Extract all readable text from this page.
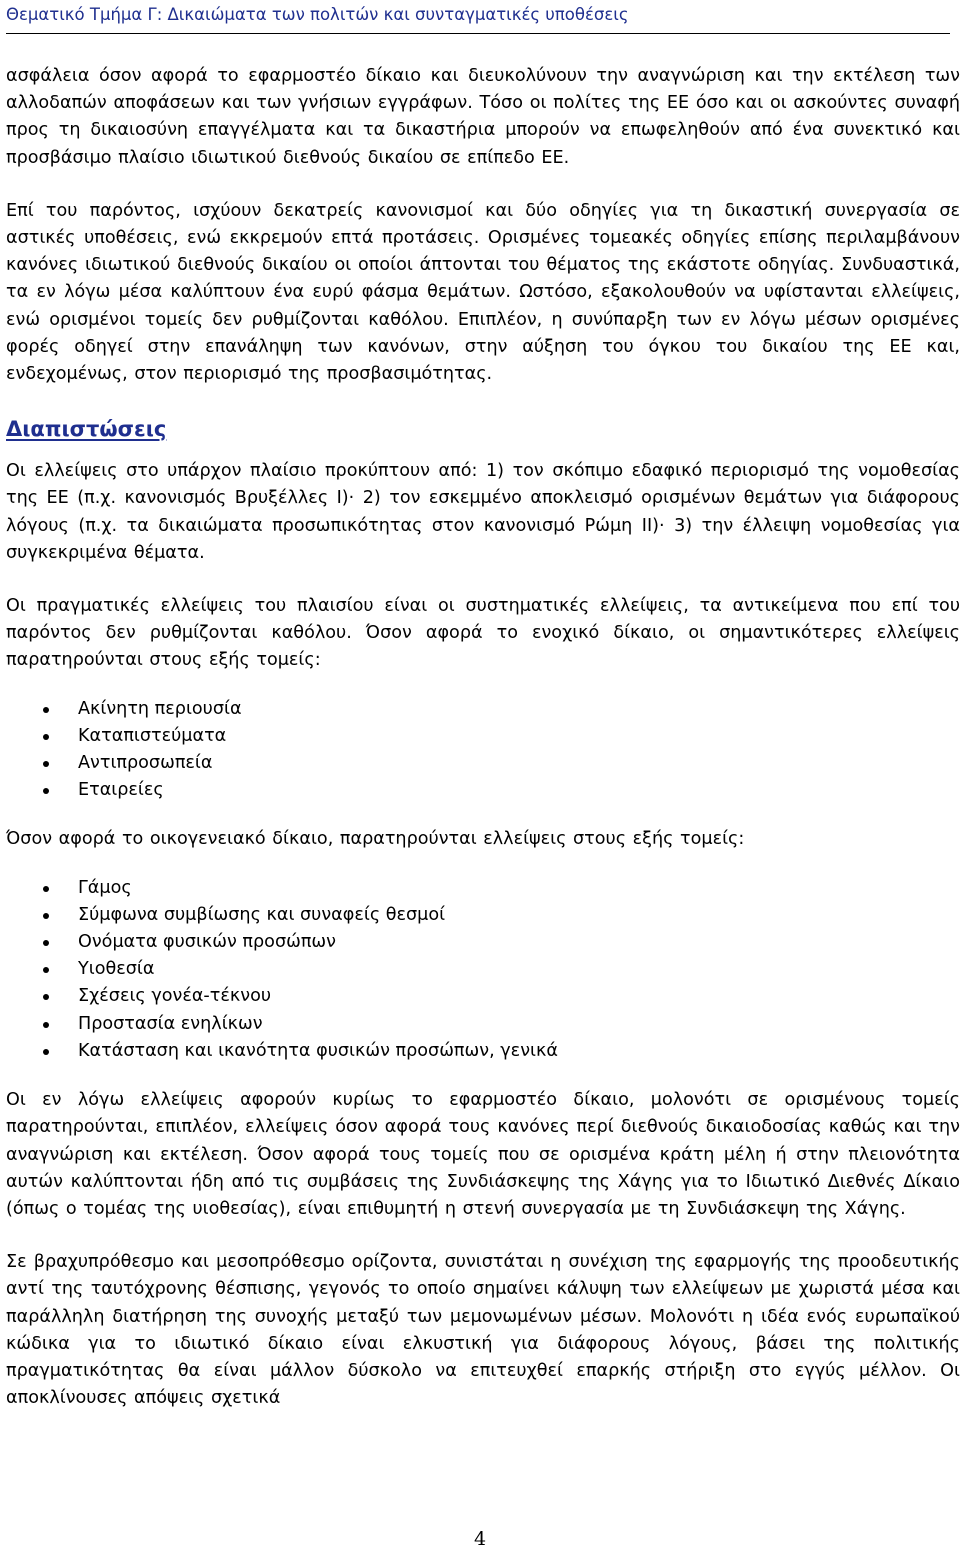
Θεματικό Τμήμα Γ: Δικαιώματα των πολιτών και συνταγματικές υποθέσεις

ασφάλεια όσον αφορά το εφαρμοστέο δίκαιο και διευκολύνουν την αναγνώριση και την εκτέλεση των αλλοδαπών αποφάσεων και των γνήσιων εγγράφων. Τόσο οι πολίτες της ΕΕ όσο και οι ασκούντες συναφή προς τη δικαιοσύνη επαγγέλματα και τα δικαστήρια μπορούν να επωφεληθούν από ένα συνεκτικό και προσβάσιμο πλαίσιο ιδιωτικού διεθνούς δικαίου σε επίπεδο ΕΕ.

Επί του παρόντος, ισχύουν δεκατρείς κανονισμοί και δύο οδηγίες για τη δικαστική συνεργασία σε αστικές υποθέσεις, ενώ εκκρεμούν επτά προτάσεις. Ορισμένες τομεακές οδηγίες επίσης περιλαμβάνουν κανόνες ιδιωτικού διεθνούς δικαίου οι οποίοι άπτονται του θέματος της εκάστοτε οδηγίας. Συνδυαστικά, τα εν λόγω μέσα καλύπτουν ένα ευρύ φάσμα θεμάτων. Ωστόσο, εξακολουθούν να υφίστανται ελλείψεις, ενώ ορισμένοι τομείς δεν ρυθμίζονται καθόλου. Επιπλέον, η συνύπαρξη των εν λόγω μέσων ορισμένες φορές οδηγεί στην επανάληψη των κανόνων, στην αύξηση του όγκου του δικαίου της ΕΕ και, ενδεχομένως, στον περιορισμό της προσβασιμότητας.

Διαπιστώσεις

Οι ελλείψεις στο υπάρχον πλαίσιο προκύπτουν από: 1) τον σκόπιμο εδαφικό περιορισμό της νομοθεσίας της ΕΕ (π.χ. κανονισμός Βρυξέλλες Ι)· 2) τον εσκεμμένο αποκλεισμό ορισμένων θεμάτων για διάφορους λόγους (π.χ. τα δικαιώματα προσωπικότητας στον κανονισμό Ρώμη ΙΙ)· 3) την έλλειψη νομοθεσίας για συγκεκριμένα θέματα.

Οι πραγματικές ελλείψεις του πλαισίου είναι οι συστηματικές ελλείψεις, τα αντικείμενα που επί του παρόντος δεν ρυθμίζονται καθόλου. Όσον αφορά το ενοχικό δίκαιο, οι σημαντικότερες ελλείψεις παρατηρούνται στους εξής τομείς:

Ακίνητη περιουσία
Καταπιστεύματα
Αντιπροσωπεία
Εταιρείες

Όσον αφορά το οικογενειακό δίκαιο, παρατηρούνται ελλείψεις στους εξής τομείς:

Γάμος
Σύμφωνα συμβίωσης και συναφείς θεσμοί
Ονόματα φυσικών προσώπων
Υιοθεσία
Σχέσεις γονέα-τέκνου
Προστασία ενηλίκων
Κατάσταση και ικανότητα φυσικών προσώπων, γενικά

Οι εν λόγω ελλείψεις αφορούν κυρίως το εφαρμοστέο δίκαιο, μολονότι σε ορισμένους τομείς παρατηρούνται, επιπλέον, ελλείψεις όσον αφορά τους κανόνες περί διεθνούς δικαιοδοσίας καθώς και την αναγνώριση και εκτέλεση. Όσον αφορά τους τομείς που σε ορισμένα κράτη μέλη ή στην πλειονότητα αυτών καλύπτονται ήδη από τις συμβάσεις της Συνδιάσκεψης της Χάγης για το Ιδιωτικό Διεθνές Δίκαιο (όπως ο τομέας της υιοθεσίας), είναι επιθυμητή η στενή συνεργασία με τη Συνδιάσκεψη της Χάγης.

Σε βραχυπρόθεσμο και μεσοπρόθεσμο ορίζοντα, συνιστάται η συνέχιση της εφαρμογής της προοδευτικής αντί της ταυτόχρονης θέσπισης, γεγονός το οποίο σημαίνει κάλυψη των ελλείψεων με χωριστά μέσα και παράλληλη διατήρηση της συνοχής μεταξύ των μεμονωμένων μέσων. Μολονότι η ιδέα ενός ευρωπαϊκού κώδικα για το ιδιωτικό δίκαιο είναι ελκυστική για διάφορους λόγους, βάσει της πολιτικής πραγματικότητας θα είναι μάλλον δύσκολο να επιτευχθεί επαρκής στήριξη στο εγγύς μέλλον. Οι αποκλίνουσες απόψεις σχετικά

4
